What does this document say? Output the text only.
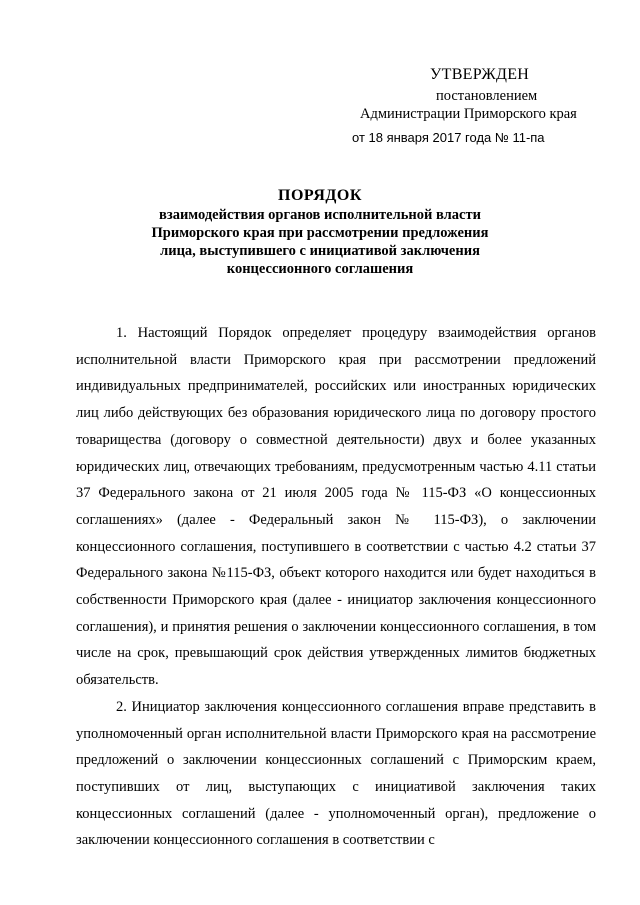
УТВЕРЖДЕН
постановлением
Администрации Приморского края
от 18 января 2017 года № 11-па
ПОРЯДОК
взаимодействия органов исполнительной власти
Приморского края при рассмотрении предложения
лица, выступившего с инициативой заключения
концессионного соглашения

1. Настоящий Порядок определяет процедуру взаимодействия органов исполнительной власти Приморского края при рассмотрении предложений индивидуальных предпринимателей, российских или иностранных юридических лиц либо действующих без образования юридического лица по договору простого товарищества (договору о совместной деятельности) двух и более указанных юридических лиц, отвечающих требованиям, предусмотренным частью 4.11 статьи 37 Федерального закона от 21 июля 2005 года № 115-ФЗ «О концессионных соглашениях» (далее - Федеральный закон № 115-ФЗ), о заключении концессионного соглашения, поступившего в соответствии с частью 4.2 статьи 37 Федерального закона №115-ФЗ, объект которого находится или будет находиться в собственности Приморского края (далее - инициатор заключения концессионного соглашения), и принятия решения о заключении концессионного соглашения, в том числе на срок, превышающий срок действия утвержденных лимитов бюджетных обязательств.

2. Инициатор заключения концессионного соглашения вправе представить в уполномоченный орган исполнительной власти Приморского края на рассмотрение предложений о заключении концессионных соглашений с Приморским краем, поступивших от лиц, выступающих с инициативой заключения таких концессионных соглашений (далее - уполномоченный орган), предложение о заключении концессионного соглашения в соответствии с
